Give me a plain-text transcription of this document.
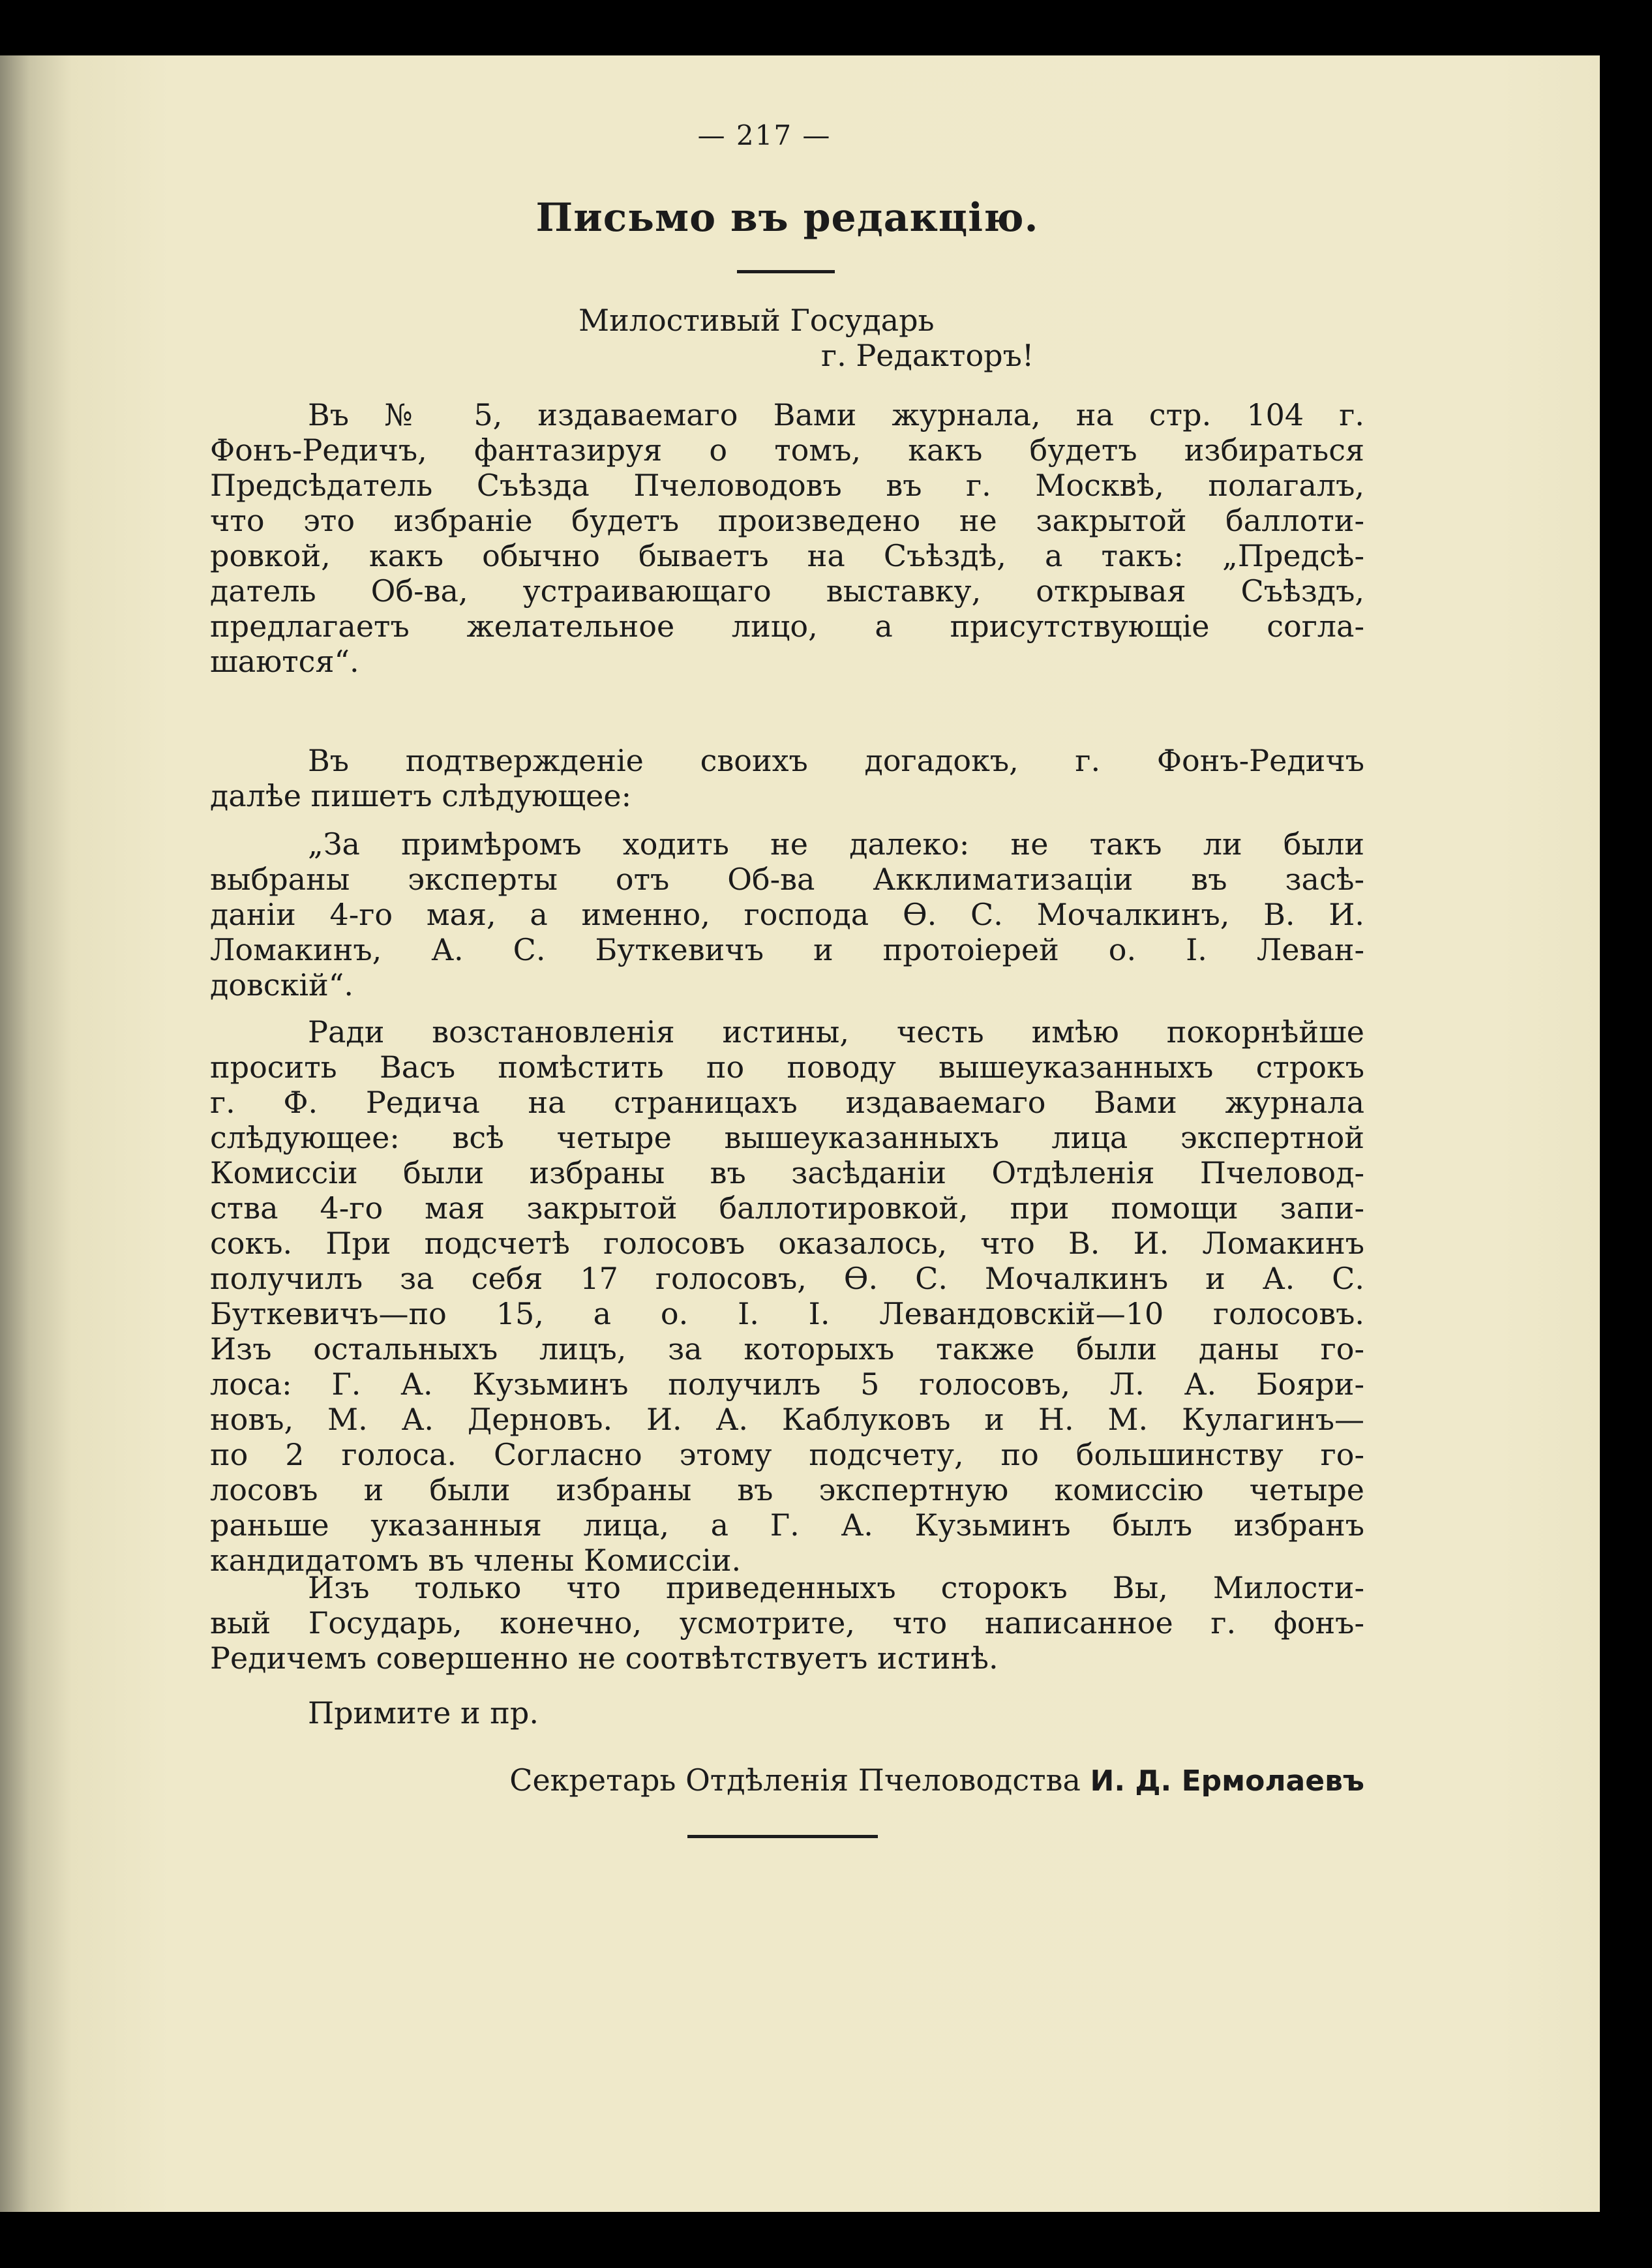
— 217 —
Письмо въ редакцію.
Милостивый Государь
г. Редакторъ!
Въ № 5, издаваемаго Вами журнала, на стр. 104 г.
Фонъ-Редичъ, фантазируя о томъ, какъ будетъ избираться
Предсѣдатель Съѣзда Пчеловодовъ въ г. Москвѣ, полагалъ,
что это избраніе будетъ произведено не закрытой баллоти-
ровкой, какъ обычно бываетъ на Съѣздѣ, а такъ: „Предсѣ-
датель Об-ва, устраивающаго выставку, открывая Съѣздъ,
предлагаетъ желательное лицо, а присутствующіе согла-
шаются“.
Въ подтвержденіе своихъ догадокъ, г. Фонъ-Редичъ
далѣе пишетъ слѣдующее:
„За примѣромъ ходить не далеко: не такъ ли были
выбраны эксперты отъ Об-ва Акклиматизаціи въ засѣ-
даніи 4-го мая, а именно, господа Ѳ. С. Мочалкинъ, В. И.
Ломакинъ, А. С. Буткевичъ и протоіерей о. І. Леван-
довскій“.
Ради возстановленія истины, честь имѣю покорнѣйше
просить Васъ помѣстить по поводу вышеуказанныхъ строкъ
г. Ф. Редича на страницахъ издаваемаго Вами журнала
слѣдующее: всѣ четыре вышеуказанныхъ лица экспертной
Комиссіи были избраны въ засѣданіи Отдѣленія Пчеловод-
ства 4-го мая закрытой баллотировкой, при помощи запи-
сокъ. При подсчетѣ голосовъ оказалось, что В. И. Ломакинъ
получилъ за себя 17 голосовъ, Ѳ. С. Мочалкинъ и А. С.
Буткевичъ—по 15, а о. І. І. Левандовскій—10 голосовъ.
Изъ остальныхъ лицъ, за которыхъ также были даны го-
лоса: Г. А. Кузьминъ получилъ 5 голосовъ, Л. А. Бояри-
новъ, М. А. Дерновъ. И. А. Каблуковъ и Н. М. Кулагинъ—
по 2 голоса. Согласно этому подсчету, по большинству го-
лосовъ и были избраны въ экспертную комиссію четыре
раньше указанныя лица, а Г. А. Кузьминъ былъ избранъ
кандидатомъ въ члены Комиссіи.
Изъ только что приведенныхъ сторокъ Вы, Милости-
вый Государь, конечно, усмотрите, что написанное г. фонъ-
Редичемъ совершенно не соотвѣтствуетъ истинѣ.
Примите и пр.
Секретарь Отдѣленія Пчеловодства И. Д. Ермолаевъ
